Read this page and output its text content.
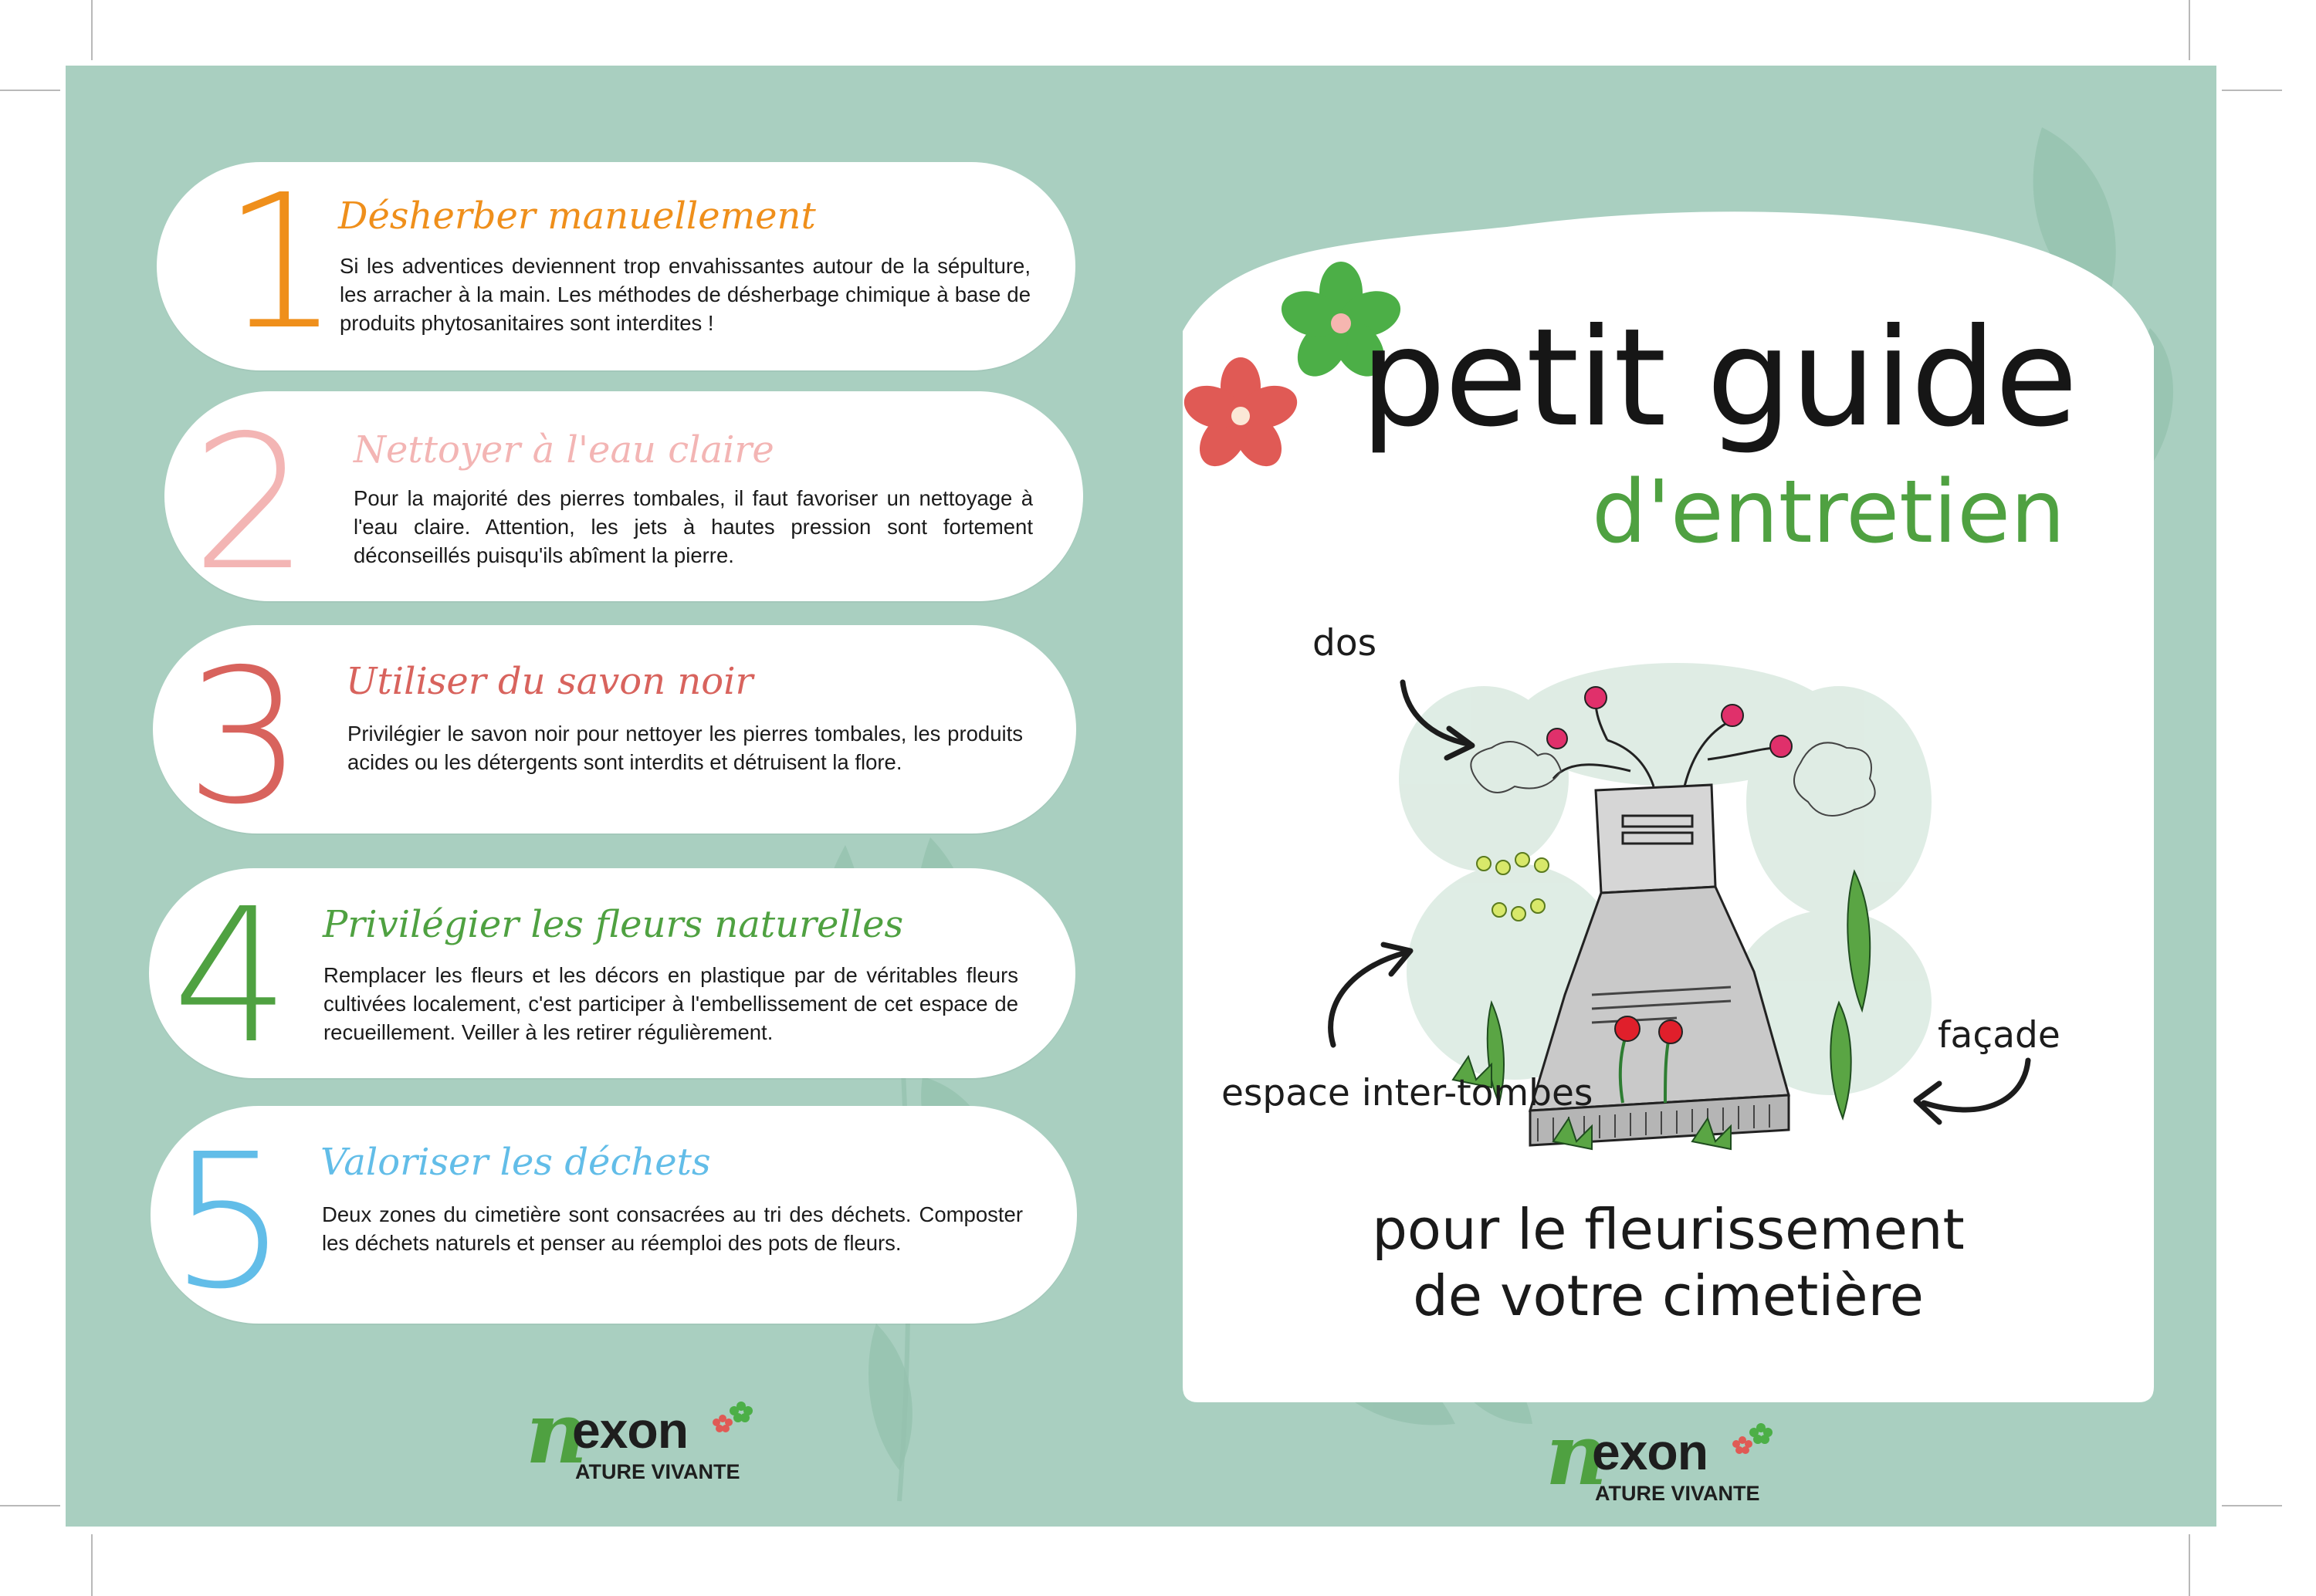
1
Désherber manuellement
Si les adventices deviennent trop envahissantes autour de la sépulture, les arracher à la main. Les méthodes de désherbage chimique à base de produits phytosanitaires sont interdites !
2 Nettoyer à l'eau claire
Pour la majorité des pierres tombales, il faut favoriser un nettoyage à l'eau claire. Attention, les jets à hautes pression sont fortement déconseillés puisqu'ils abîment la pierre.
3 Utiliser du savon noir
Privilégier le savon noir pour nettoyer les pierres tombales, les produits acides ou les détergents sont interdits et détruisent la flore.
4 Privilégier les fleurs naturelles
Remplacer les fleurs et les décors en plastique par de véritables fleurs cultivées localement, c'est participer à l'embellissement de cet espace de recueillement. Veiller à les retirer régulièrement.
5 Valoriser les déchets
Deux zones du cimetière sont consacrées au tri des déchets. Composter les déchets naturels et penser au réemploi des pots de fleurs.
n
exon
ATURE VIVANTE
petit guide
d'entretien
dos
espace inter-tombes
façade
pour le fleurissement
de votre cimetière
n
exon
ATURE VIVANTE
